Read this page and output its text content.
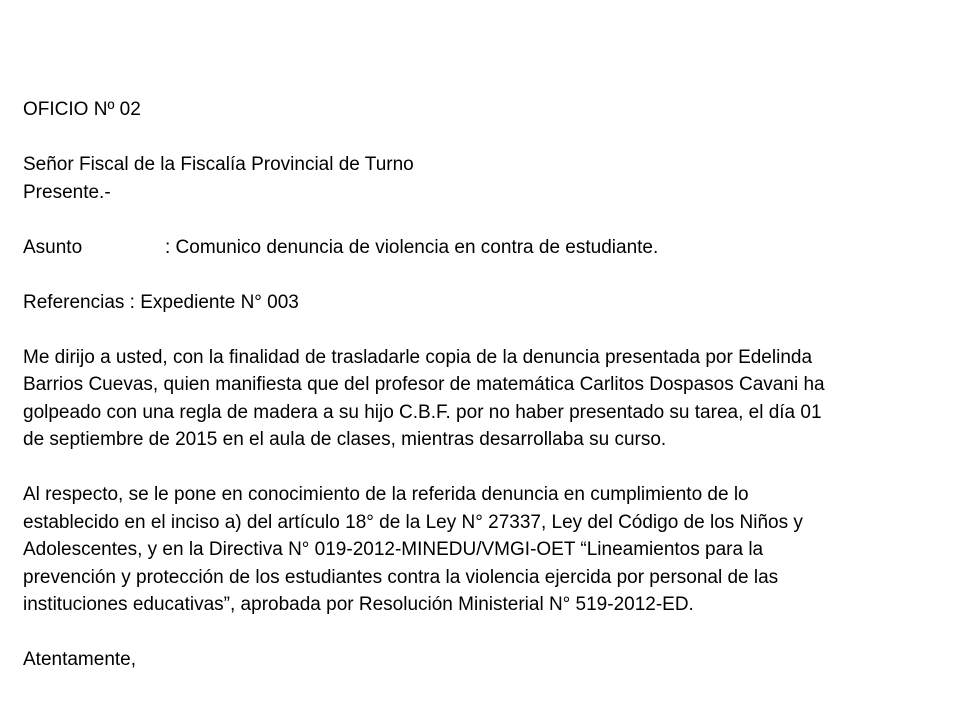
OFICIO Nº 02
Señor Fiscal de la Fiscalía Provincial de Turno
Presente.-
Asunto	: Comunico denuncia de violencia en contra de estudiante.
Referencias : Expediente N° 003
Me dirijo a usted, con la finalidad de trasladarle copia de la denuncia presentada por Edelinda
Barrios Cuevas, quien manifiesta que del profesor de matemática Carlitos Dospasos Cavani ha
golpeado con una regla de madera a su hijo C.B.F. por no haber presentado su tarea, el día 01
de septiembre de 2015 en el aula de clases, mientras desarrollaba su curso.
Al respecto, se le pone en conocimiento de la referida denuncia en cumplimiento de lo
establecido en el inciso a) del artículo 18° de la Ley N° 27337, Ley del Código de los Niños y
Adolescentes, y en la Directiva N° 019-2012-MINEDU/VMGI-OET “Lineamientos para la
prevención y protección de los estudiantes contra la violencia ejercida por personal de las
instituciones educativas”, aprobada por Resolución Ministerial N° 519-2012-ED.
Atentamente,
